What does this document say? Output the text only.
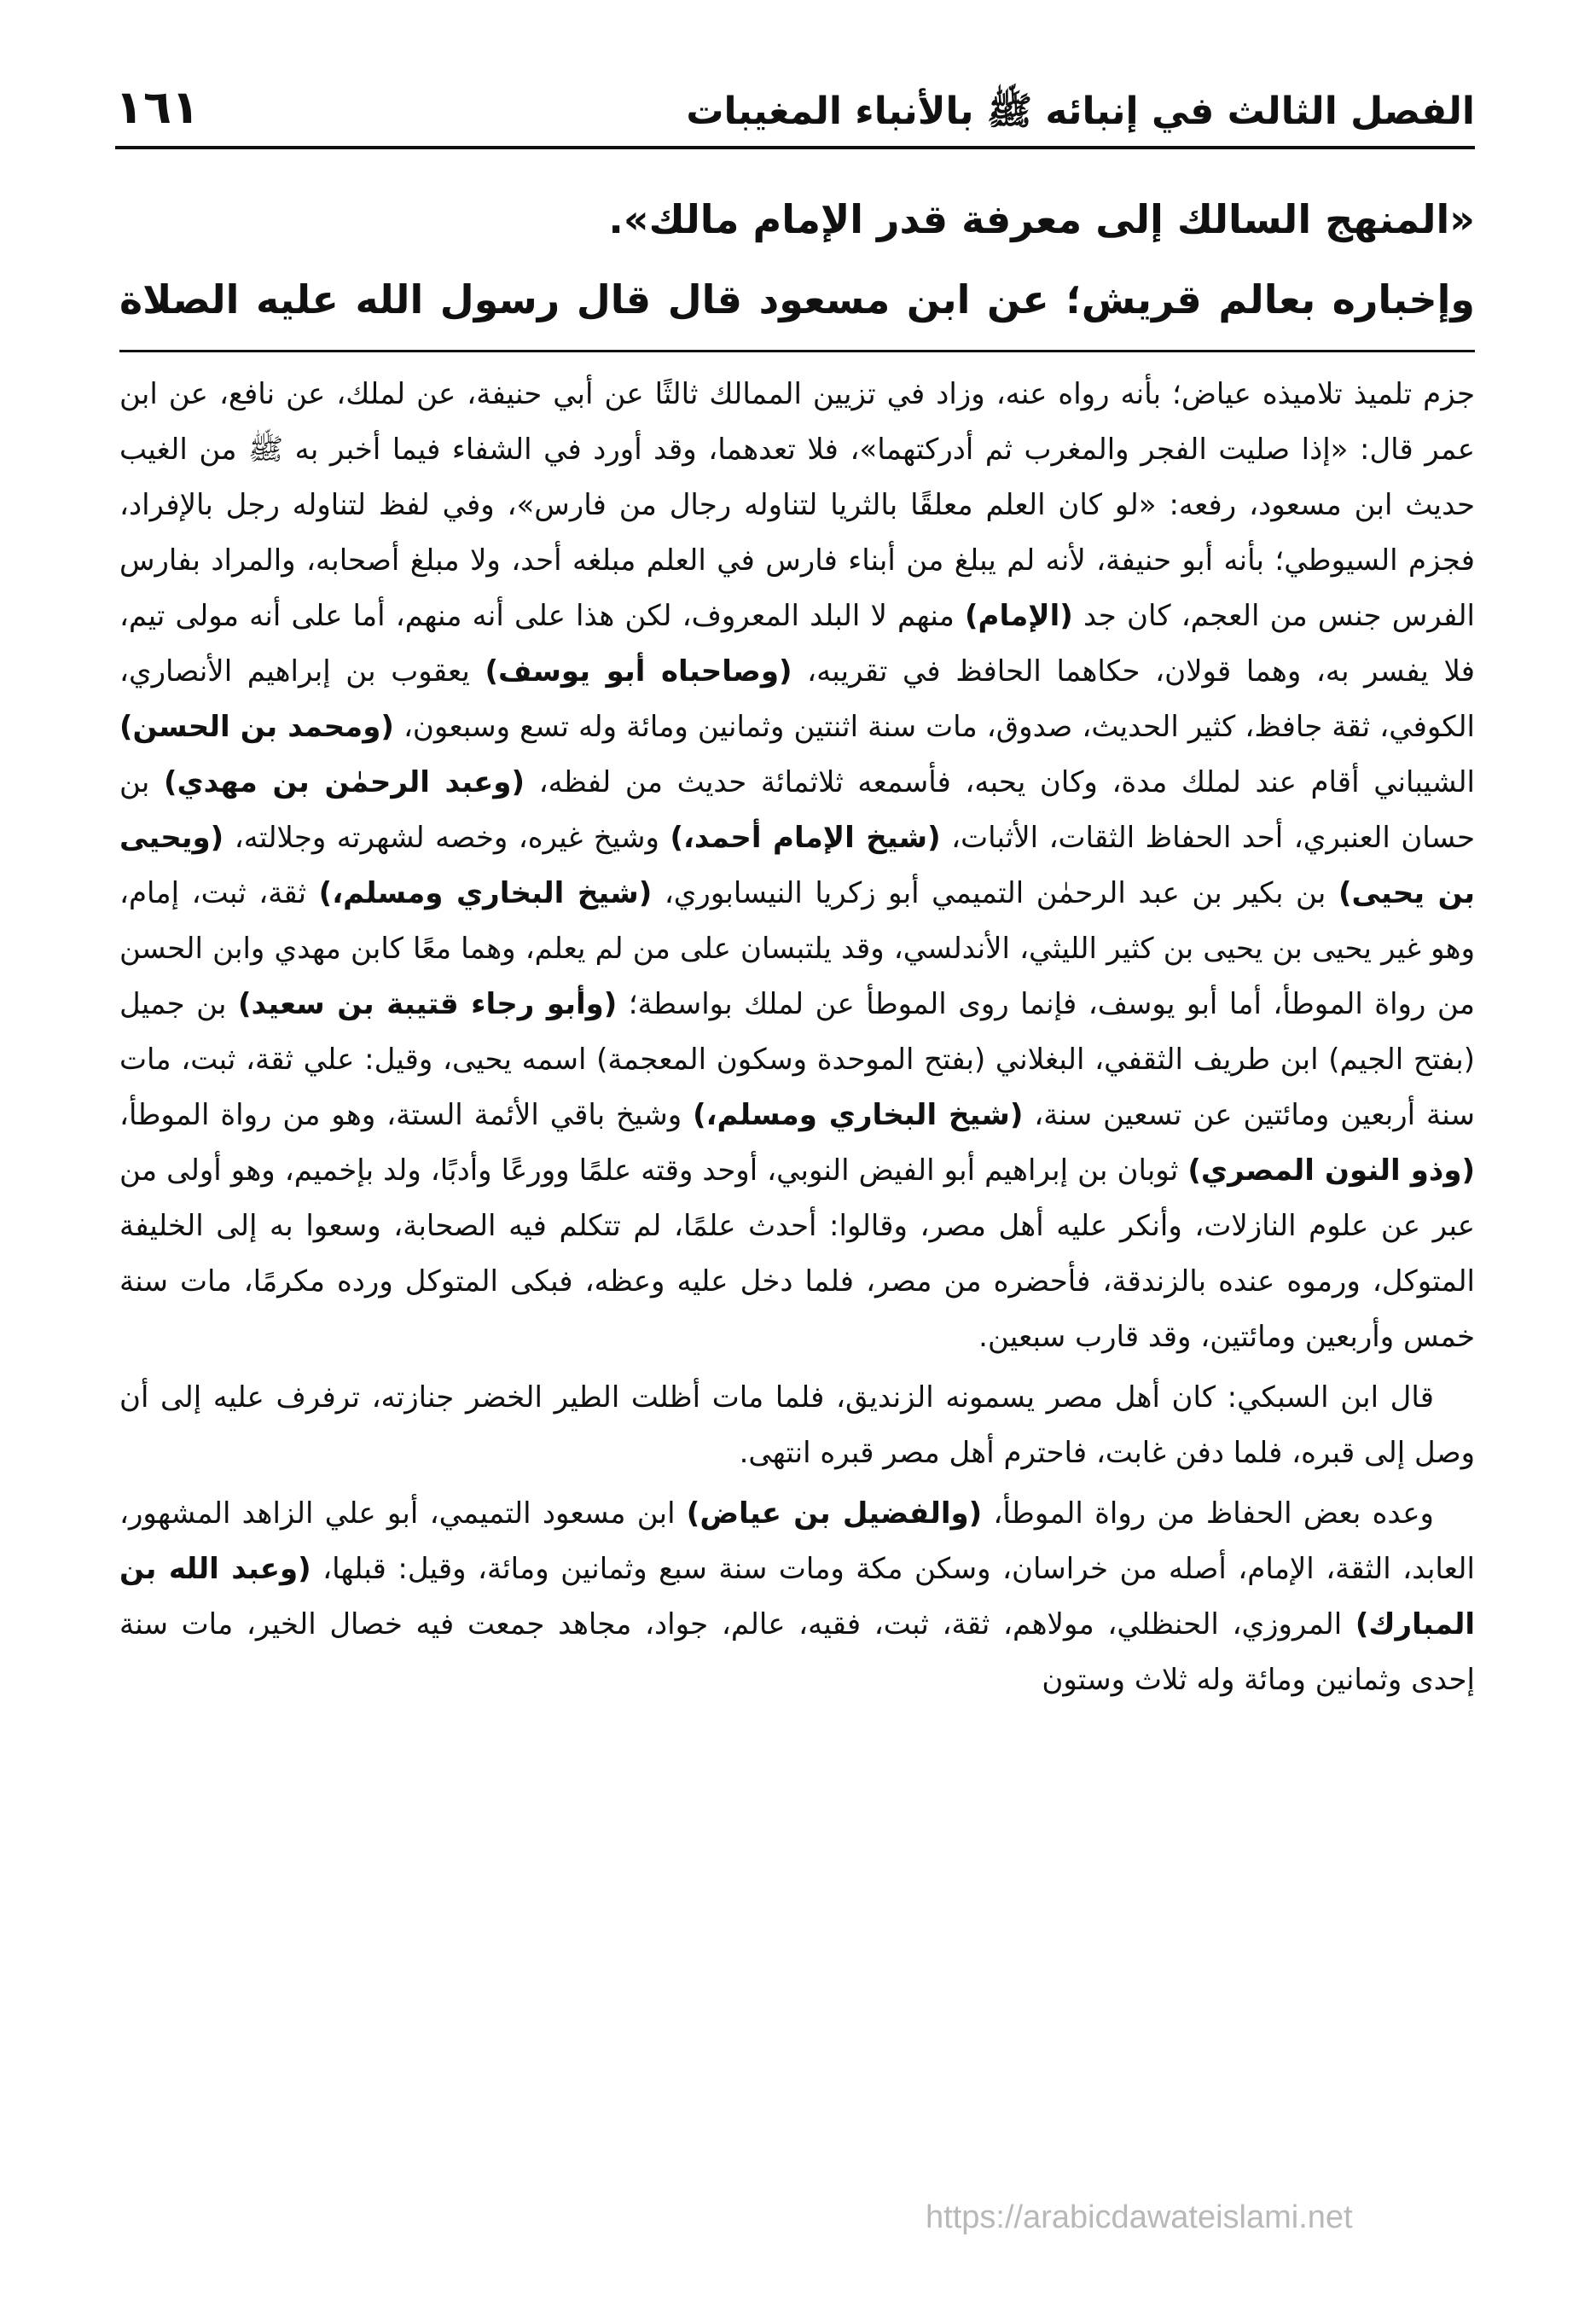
الفصل الثالث في إنبائه ﷺ بالأنباء المغيبات
١٦١

«المنهج السالك إلى معرفة قدر الإمام مالك».

وإخباره بعالم قريش؛ عن ابن مسعود قال قال رسول الله عليه الصلاة

جزم تلميذ تلاميذه عياض؛ بأنه رواه عنه، وزاد في تزيين الممالك ثالثًا عن أبي حنيفة، عن لملك، عن نافع، عن ابن عمر قال: «إذا صليت الفجر والمغرب ثم أدركتهما»، فلا تعدهما، وقد أورد في الشفاء فيما أخبر به ﷺ من الغيب حديث ابن مسعود، رفعه: «لو كان العلم معلقًا بالثريا لتناوله رجال من فارس»، وفي لفظ لتناوله رجل بالإفراد، فجزم السيوطي؛ بأنه أبو حنيفة، لأنه لم يبلغ من أبناء فارس في العلم مبلغه أحد، ولا مبلغ أصحابه، والمراد بفارس الفرس جنس من العجم، كان جد (الإمام) منهم لا البلد المعروف، لكن هذا على أنه منهم، أما على أنه مولى تيم، فلا يفسر به، وهما قولان، حكاهما الحافظ في تقريبه، (وصاحباه أبو يوسف) يعقوب بن إبراهيم الأنصاري، الكوفي، ثقة جافظ، كثير الحديث، صدوق، مات سنة اثنتين وثمانين ومائة وله تسع وسبعون، (ومحمد بن الحسن) الشيباني أقام عند لملك مدة، وكان يحبه، فأسمعه ثلاثمائة حديث من لفظه، (وعبد الرحمٰن بن مهدي) بن حسان العنبري، أحد الحفاظ الثقات، الأثبات، (شيخ الإمام أحمد،) وشيخ غيره، وخصه لشهرته وجلالته، (ويحيى بن يحيى) بن بكير بن عبد الرحمٰن التميمي أبو زكريا النيسابوري، (شيخ البخاري ومسلم،) ثقة، ثبت، إمام، وهو غير يحيى بن يحيى بن كثير الليثي، الأندلسي، وقد يلتبسان على من لم يعلم، وهما معًا كابن مهدي وابن الحسن من رواة الموطأ، أما أبو يوسف، فإنما روى الموطأ عن لملك بواسطة؛ (وأبو رجاء قتيبة بن سعيد) بن جميل (بفتح الجيم) ابن طريف الثقفي، البغلاني (بفتح الموحدة وسكون المعجمة) اسمه يحيى، وقيل: علي ثقة، ثبت، مات سنة أربعين ومائتين عن تسعين سنة، (شيخ البخاري ومسلم،) وشيخ باقي الأئمة الستة، وهو من رواة الموطأ، (وذو النون المصري) ثوبان بن إبراهيم أبو الفيض النوبي، أوحد وقته علمًا وورعًا وأدبًا، ولد بإخميم، وهو أولى من عبر عن علوم النازلات، وأنكر عليه أهل مصر، وقالوا: أحدث علمًا، لم تتكلم فيه الصحابة، وسعوا به إلى الخليفة المتوكل، ورموه عنده بالزندقة، فأحضره من مصر، فلما دخل عليه وعظه، فبكى المتوكل ورده مكرمًا، مات سنة خمس وأربعين ومائتين، وقد قارب سبعين.

قال ابن السبكي: كان أهل مصر يسمونه الزنديق، فلما مات أظلت الطير الخضر جنازته، ترفرف عليه إلى أن وصل إلى قبره، فلما دفن غابت، فاحترم أهل مصر قبره انتهى.

وعده بعض الحفاظ من رواة الموطأ، (والفضيل بن عياض) ابن مسعود التميمي، أبو علي الزاهد المشهور، العابد، الثقة، الإمام، أصله من خراسان، وسكن مكة ومات سنة سبع وثمانين ومائة، وقيل: قبلها، (وعبد الله بن المبارك) المروزي، الحنظلي، مولاهم، ثقة، ثبت، فقيه، عالم، جواد، مجاهد جمعت فيه خصال الخير، مات سنة إحدى وثمانين ومائة وله ثلاث وستون

https://arabicdawateislami.net
